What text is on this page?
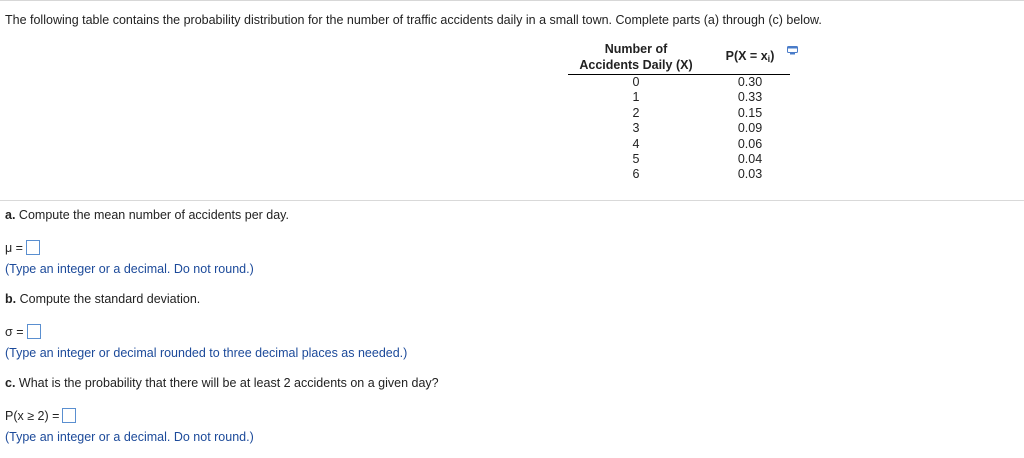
The following table contains the probability distribution for the number of traffic accidents daily in a small town. Complete parts (a) through (c) below.
Number of
Accidents Daily (X)	$P(X = x_i)$
0	0.30
1	0.33
2	0.15
3	0.09
4	0.06
5	0.04
6	0.03
a. Compute the mean number of accidents per day.
μ =
(Type an integer or a decimal. Do not round.)
b. Compute the standard deviation.
σ =
(Type an integer or decimal rounded to three decimal places as needed.)
c. What is the probability that there will be at least 2 accidents on a given day?
P(x ≥ 2) =
(Type an integer or a decimal. Do not round.)
